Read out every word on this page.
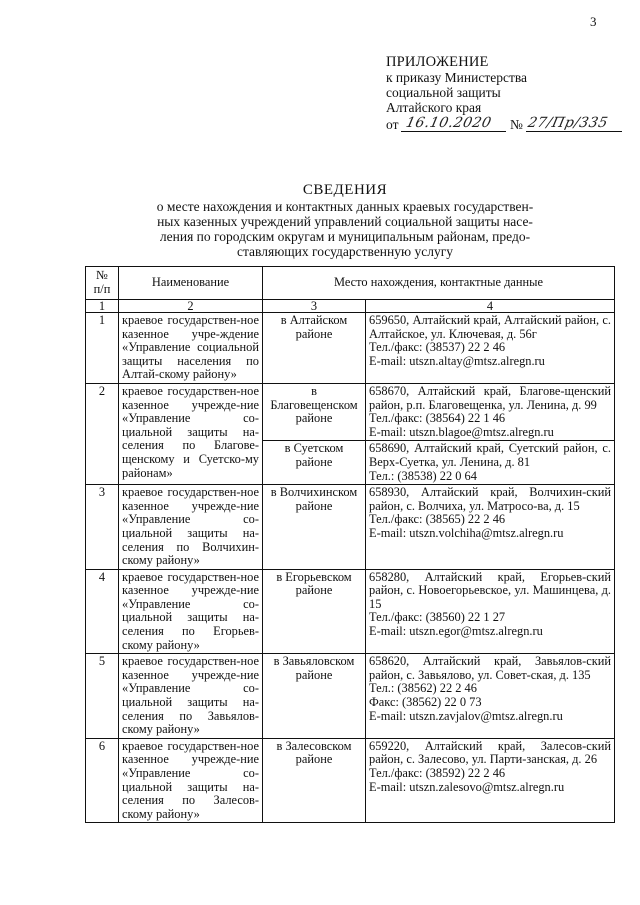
3
ПРИЛОЖЕНИЕ
к приказу Министерства
социальной защиты
Алтайского края
от 16.10.2020 № 27/Пр/335
СВЕДЕНИЯ
о месте нахождения и контактных данных краевых государствен-
ных казенных учреждений управлений социальной защиты насе-
ления по городским округам и муниципальным районам, предо-
ставляющих государственную услугу
№
п/п	Наименование	Место нахождения, контактные данные	
1	2	3	4
1	краевое государствен-ное казенное учре-ждение «Управление социальной защиты населения по Алтай-скому району»	в Алтайском районе	659650, Алтайский край, Алтайский район, с. Алтайское, ул. Ключевая, д. 56г
Тел./факс: (38537) 22 2 46
E-mail: utszn.altay@mtsz.alregn.ru

2	краевое государствен-ное казенное учрежде-ние «Управление со-циальной защиты на-селения по Благове-щенскому и Суетско-му районам»	в Благовещенском районе	658670, Алтайский край, Благове-щенский район, р.п. Благовещенка, ул. Ленина, д. 99
Тел./факс: (38564) 22 1 46
E-mail: utszn.blagoe@mtsz.alregn.ru

		в Суетском районе	658690, Алтайский край, Суетский район, с. Верх-Суетка, ул. Ленина, д. 81
Тел.: (38538) 22 0 64

3	краевое государствен-ное казенное учрежде-ние «Управление со-циальной защиты на-селения по Волчихин-скому району»	в Волчихинском районе	658930, Алтайский край, Волчихин-ский район, с. Волчиха, ул. Матросо-ва, д. 15
Тел./факс: (38565) 22 2 46
E-mail: utszn.volchiha@mtsz.alregn.ru

4	краевое государствен-ное казенное учрежде-ние «Управление со-циальной защиты на-селения по Егорьев-скому району»	в Егорьевском районе	658280, Алтайский край, Егорьев-ский район, с. Новоегорьевское, ул. Машинцева, д. 15
Тел./факс: (38560) 22 1 27
E-mail: utszn.egor@mtsz.alregn.ru

5	краевое государствен-ное казенное учрежде-ние «Управление со-циальной защиты на-селения по Завьялов-скому району»	в Завьяловском районе	658620, Алтайский край, Завьялов-ский район, с. Завьялово, ул. Совет-ская, д. 135
Тел.: (38562) 22 2 46
Факс: (38562) 22 0 73
E-mail: utszn.zavjalov@mtsz.alregn.ru

6	краевое государствен-ное казенное учрежде-ние «Управление со-циальной защиты на-селения по Залесов-скому району»	в Залесовском районе	659220, Алтайский край, Залесов-ский район, с. Залесово, ул. Парти-занская, д. 26
Тел./факс: (38592) 22 2 46
E-mail: utszn.zalesovo@mtsz.alregn.ru
